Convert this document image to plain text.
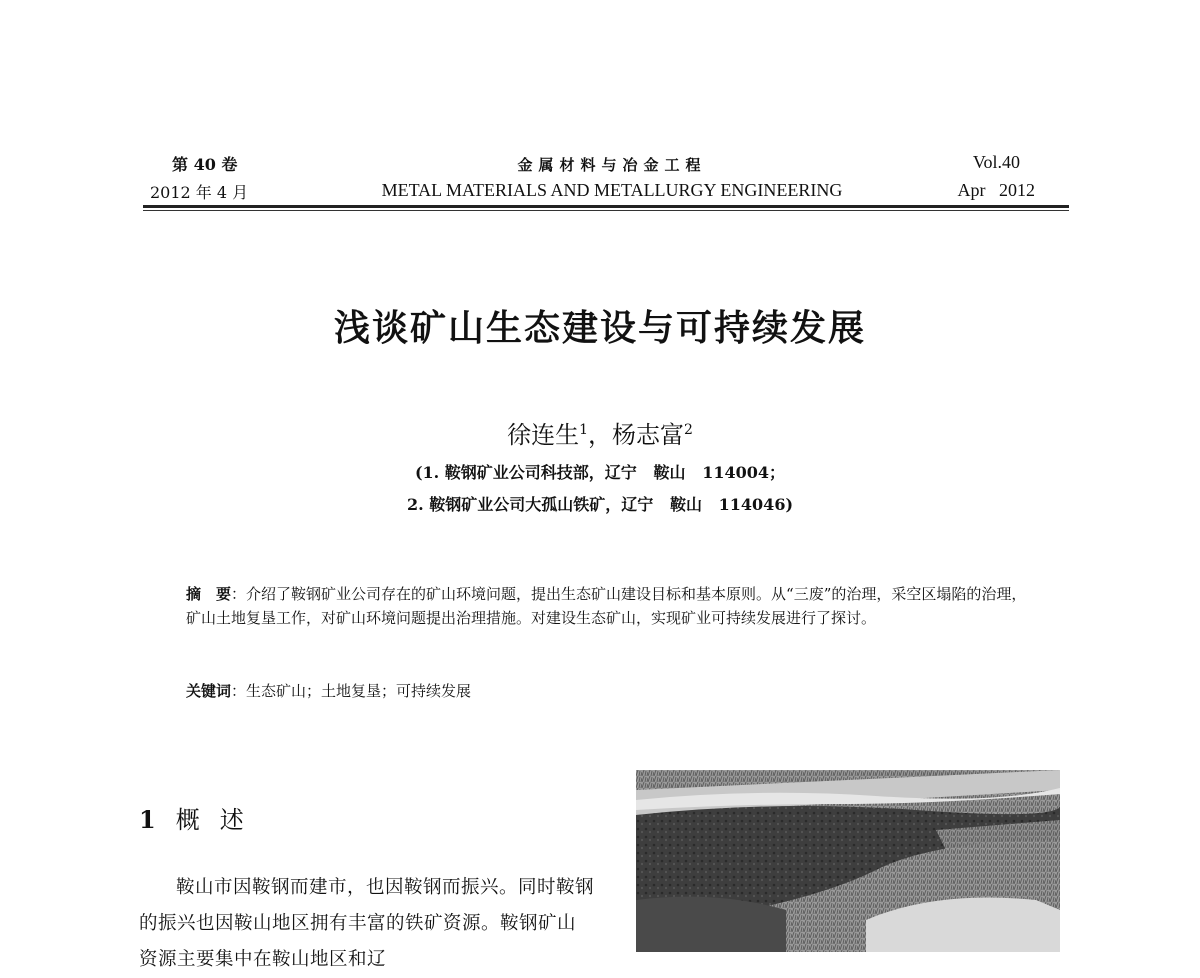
第 40 卷
2012 年 4 月
金属材料与冶金工程
METAL MATERIALS AND METALLURGY ENGINEERING
Vol.40
Apr   2012
浅谈矿山生态建设与可持续发展
徐连生$^1$，杨志富$^2$
(1. 鞍钢矿业公司科技部，辽宁   鞍山   114004；
2. 鞍钢矿业公司大孤山铁矿，辽宁   鞍山   114046)
摘　要：介绍了鞍钢矿业公司存在的矿山环境问题，提出生态矿山建设目标和基本原则。从“三废”的治理，采空区塌陷的治理，矿山土地复垦工作，对矿山环境问题提出治理措施。对建设生态矿山，实现矿业可持续发展进行了探讨。
关键词：生态矿山；土地复垦；可持续发展
1 概述

鞍山市因鞍钢而建市，也因鞍钢而振兴。同时鞍钢的振兴也因鞍山地区拥有丰富的铁矿资源。鞍钢矿山资源主要集中在鞍山地区和辽
